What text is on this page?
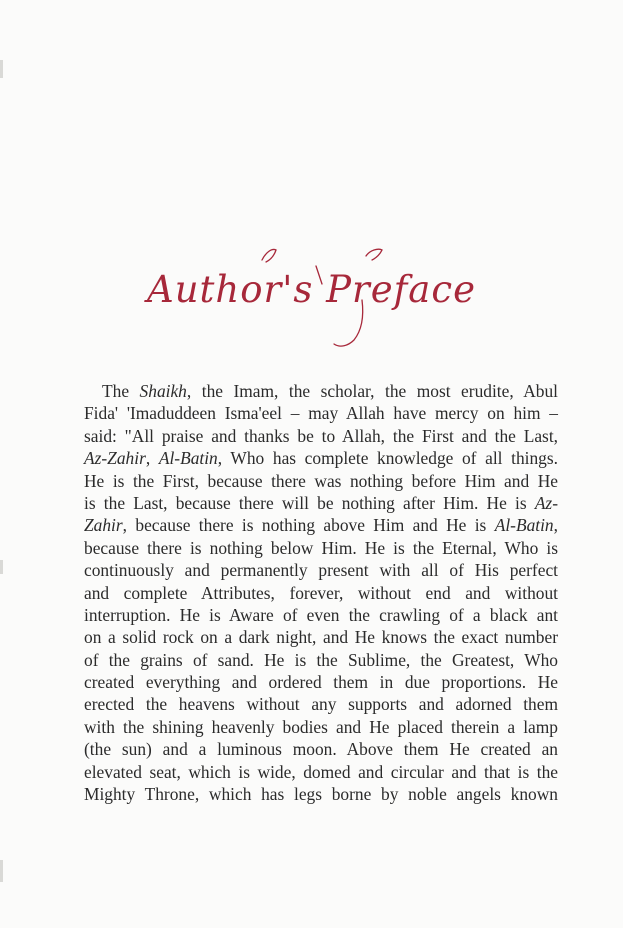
Author's Preface
The Shaikh, the Imam, the scholar, the most erudite, Abul
Fida' 'Imaduddeen Isma'eel – may Allah have mercy on him –
said: "All praise and thanks be to Allah, the First and the Last,
Az-Zahir, Al-Batin, Who has complete knowledge of all things.
He is the First, because there was nothing before Him and He
is the Last, because there will be nothing after Him. He is Az-
Zahir, because there is nothing above Him and He is Al-Batin,
because there is nothing below Him. He is the Eternal, Who is
continuously and permanently present with all of His perfect
and complete Attributes, forever, without end and without
interruption. He is Aware of even the crawling of a black ant
on a solid rock on a dark night, and He knows the exact number
of the grains of sand. He is the Sublime, the Greatest, Who
created everything and ordered them in due proportions. He
erected the heavens without any supports and adorned them
with the shining heavenly bodies and He placed therein a lamp
(the sun) and a luminous moon. Above them He created an
elevated seat, which is wide, domed and circular and that is the
Mighty Throne, which has legs borne by noble angels known
